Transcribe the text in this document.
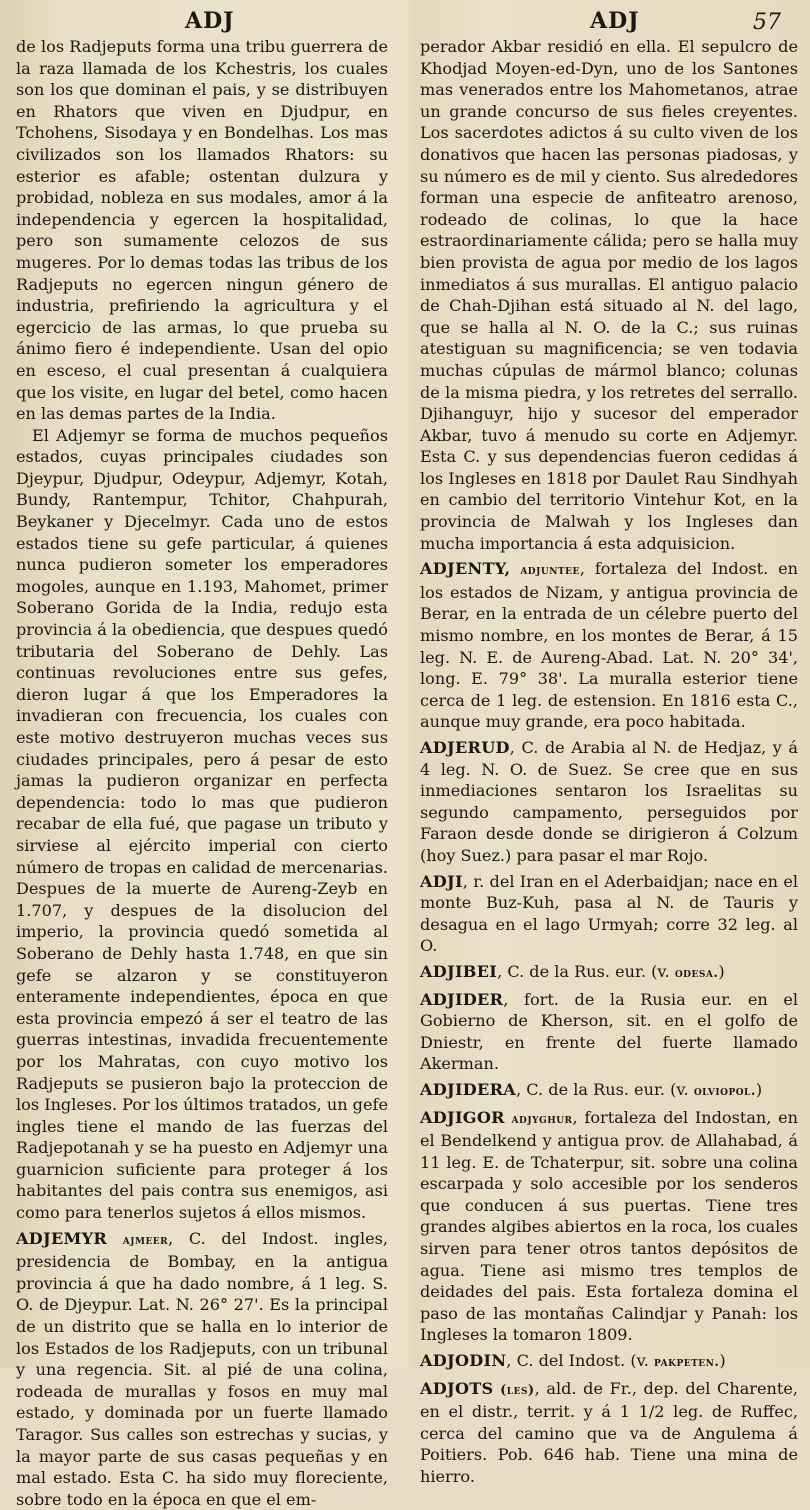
ADJ	ADJ	57

de los Radjeputs forma una tribu guerrera de la raza llamada de los Kchestris, los cuales son los que dominan el pais, y se distribuyen en Rhators que viven en Djudpur, en Tchohens, Sisodaya y en Bondelhas. Los mas civilizados son los llamados Rhators: su esterior es afable; ostentan dulzura y probidad, nobleza en sus modales, amor á la independencia y egercen la hospitalidad, pero son sumamente celozos de sus mugeres. Por lo demas todas las tribus de los Radjeputs no egercen ningun género de industria, prefiriendo la agricultura y el egercicio de las armas, lo que prueba su ánimo fiero é independiente. Usan del opio en esceso, el cual presentan á cualquiera que los visite, en lugar del betel, como hacen en las demas partes de la India.

El Adjemyr se forma de muchos pequeños estados, cuyas principales ciudades son Djeypur, Djudpur, Odeypur, Adjemyr, Kotah, Bundy, Rantempur, Tchitor, Chahpurah, Beykaner y Djecelmyr. Cada uno de estos estados tiene su gefe particular, á quienes nunca pudieron someter los emperadores mogoles, aunque en 1.193, Mahomet, primer Soberano Gorida de la India, redujo esta provincia á la obediencia, que despues quedó tributaria del Soberano de Dehly. Las continuas revoluciones entre sus gefes, dieron lugar á que los Emperadores la invadieran con frecuencia, los cuales con este motivo destruyeron muchas veces sus ciudades principales, pero á pesar de esto jamas la pudieron organizar en perfecta dependencia: todo lo mas que pudieron recabar de ella fué, que pagase un tributo y sirviese al ejército imperial con cierto número de tropas en calidad de mercenarias. Despues de la muerte de Aureng-Zeyb en 1.707, y despues de la disolucion del imperio, la provincia quedó sometida al Soberano de Dehly hasta 1.748, en que sin gefe se alzaron y se constituyeron enteramente independientes, época en que esta provincia empezó á ser el teatro de las guerras intestinas, invadida frecuentemente por los Mahratas, con cuyo motivo los Radjeputs se pusieron bajo la proteccion de los Ingleses. Por los últimos tratados, un gefe ingles tiene el mando de las fuerzas del Radjepotanah y se ha puesto en Adjemyr una guarnicion suficiente para proteger á los habitantes del pais contra sus enemigos, asi como para tenerlos sujetos á ellos mismos.

ADJEMYR ajmeer, C. del Indost. ingles, presidencia de Bombay, en la antigua provincia á que ha dado nombre, á 1 leg. S. O. de Djeypur. Lat. N. 26° 27'. Es la principal de un distrito que se halla en lo interior de los Estados de los Radjeputs, con un tribunal y una regencia. Sit. al pié de una colina, rodeada de murallas y fosos en muy mal estado, y dominada por un fuerte llamado Taragor. Sus calles son estrechas y sucias, y la mayor parte de sus casas pequeñas y en mal estado. Esta C. ha sido muy floreciente, sobre todo en la época en que el em-

perador Akbar residió en ella. El sepulcro de Khodjad Moyen-ed-Dyn, uno de los Santones mas venerados entre los Mahometanos, atrae un grande concurso de sus fieles creyentes. Los sacerdotes adictos á su culto viven de los donativos que hacen las personas piadosas, y su número es de mil y ciento. Sus alrededores forman una especie de anfiteatro arenoso, rodeado de colinas, lo que la hace estraordinariamente cálida; pero se halla muy bien provista de agua por medio de los lagos inmediatos á sus murallas. El antiguo palacio de Chah-Djihan está situado al N. del lago, que se halla al N. O. de la C.; sus ruinas atestiguan su magnificencia; se ven todavia muchas cúpulas de mármol blanco; colunas de la misma piedra, y los retretes del serrallo. Djihanguyr, hijo y sucesor del emperador Akbar, tuvo á menudo su corte en Adjemyr. Esta C. y sus dependencias fueron cedidas á los Ingleses en 1818 por Daulet Rau Sindhyah en cambio del territorio Vintehur Kot, en la provincia de Malwah y los Ingleses dan mucha importancia á esta adquisicion.

ADJENTY, adjuntee, fortaleza del Indost. en los estados de Nizam, y antigua provincia de Berar, en la entrada de un célebre puerto del mismo nombre, en los montes de Berar, á 15 leg. N. E. de Aureng-Abad. Lat. N. 20° 34', long. E. 79° 38'. La muralla esterior tiene cerca de 1 leg. de estension. En 1816 esta C., aunque muy grande, era poco habitada.

ADJERUD, C. de Arabia al N. de Hedjaz, y á 4 leg. N. O. de Suez. Se cree que en sus inmediaciones sentaron los Israelitas su segundo campamento, perseguidos por Faraon desde donde se dirigieron á Colzum (hoy Suez.) para pasar el mar Rojo.

ADJI, r. del Iran en el Aderbaidjan; nace en el monte Buz-Kuh, pasa al N. de Tauris y desagua en el lago Urmyah; corre 32 leg. al O.

ADJIBEI, C. de la Rus. eur. (v. odesa.)

ADJIDER, fort. de la Rusia eur. en el Gobierno de Kherson, sit. en el golfo de Dniestr, en frente del fuerte llamado Akerman.

ADJIDERA, C. de la Rus. eur. (v. olviopol.)

ADJIGOR adjyghur, fortaleza del Indostan, en el Bendelkend y antigua prov. de Allahabad, á 11 leg. E. de Tchaterpur, sit. sobre una colina escarpada y solo accesible por los senderos que conducen á sus puertas. Tiene tres grandes algibes abiertos en la roca, los cuales sirven para tener otros tantos depósitos de agua. Tiene asi mismo tres templos de deidades del pais. Esta fortaleza domina el paso de las montañas Calindjar y Panah: los Ingleses la tomaron 1809.

ADJODIN, C. del Indost. (v. pakpeten.)

ADJOTS (les), ald. de Fr., dep. del Charente, en el distr., territ. y á 1 1/2 leg. de Ruffec, cerca del camino que va de Angulema á Poitiers. Pob. 646 hab. Tiene una mina de hierro.
